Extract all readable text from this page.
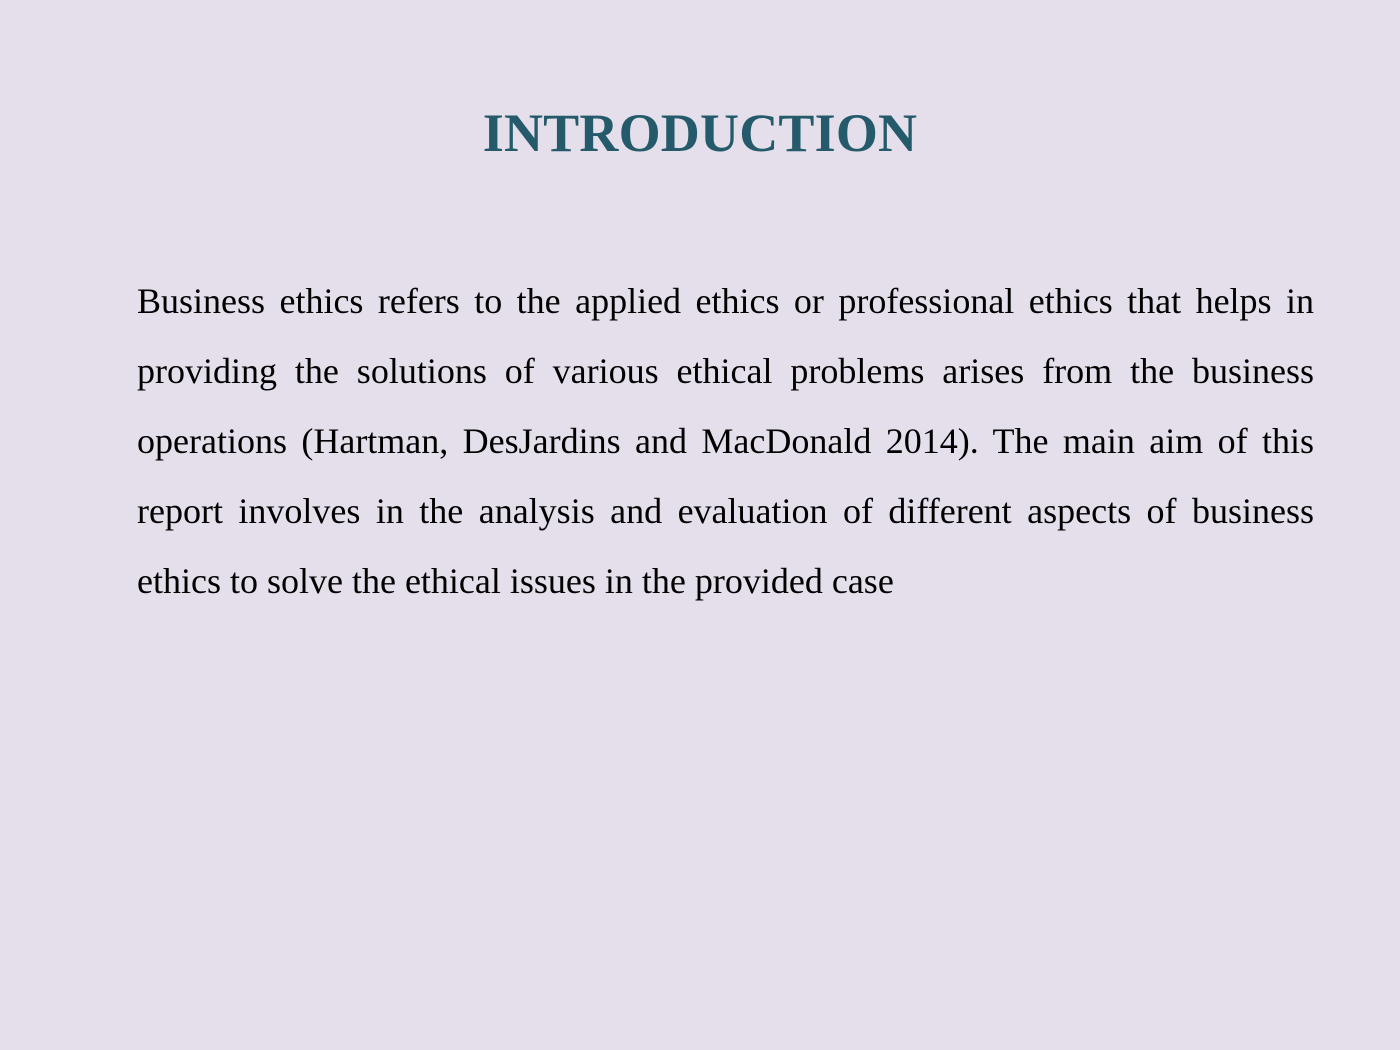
INTRODUCTION

Business ethics refers to the applied ethics or professional ethics that helps in providing the solutions of various ethical problems arises from the business operations (Hartman, DesJardins and MacDonald 2014). The main aim of this report involves in the analysis and evaluation of different aspects of business ethics to solve the ethical issues in the provided case
